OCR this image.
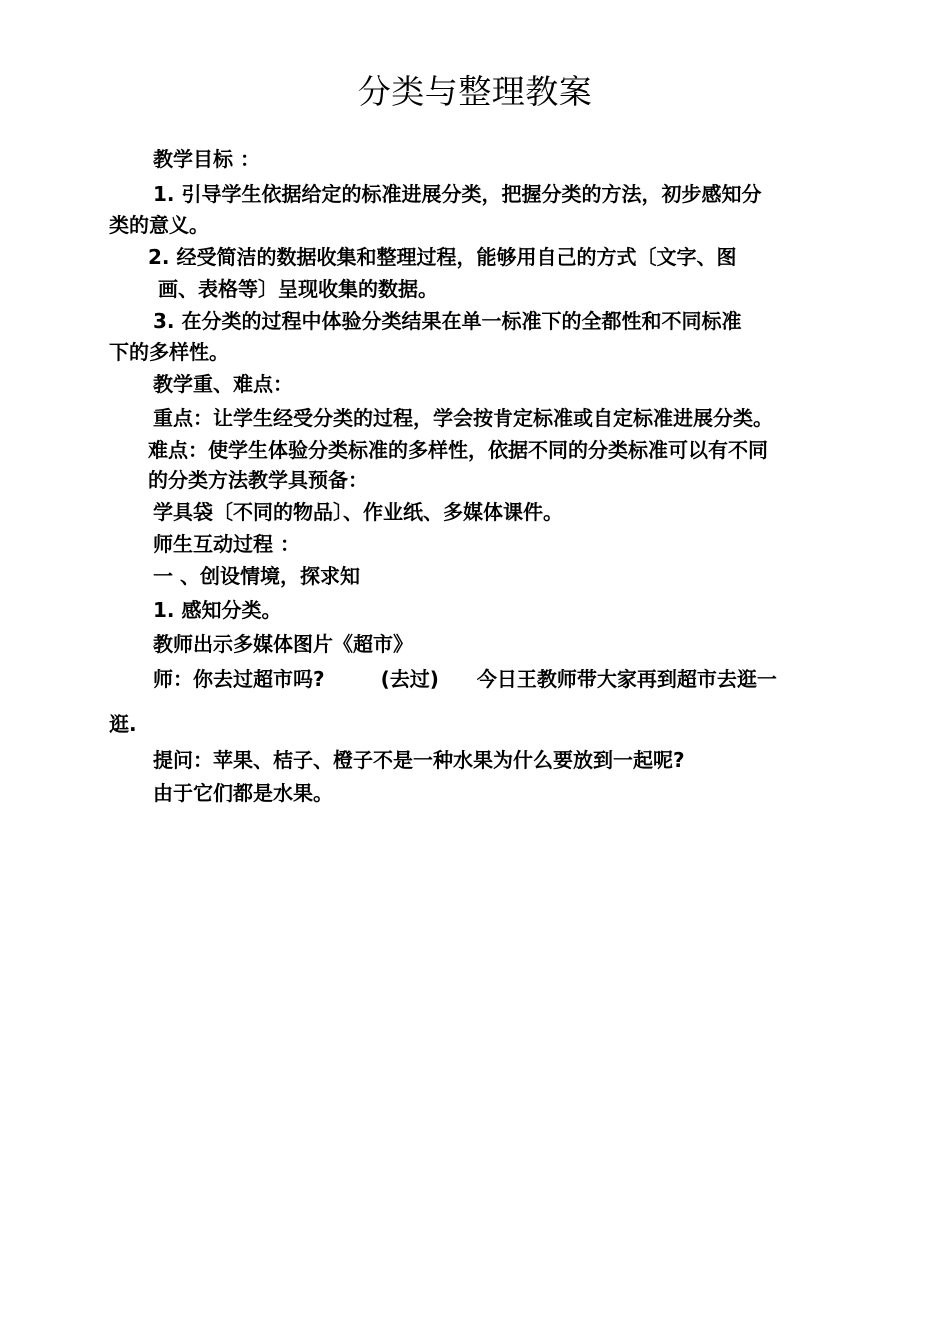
分类与整理教案
教学目标 ：
1. 引导学生依据给定的标准进展分类，把握分类的方法，初步感知分
类的意义。
2. 经受简洁的数据收集和整理过程，能够用自己的方式〔文字、图
画、表格等〕呈现收集的数据。
3. 在分类的过程中体验分类结果在单一标准下的全都性和不同标准
下的多样性。
教学重、难点：
重点：让学生经受分类的过程，学会按肯定标准或自定标准进展分类。
难点：使学生体验分类标准的多样性，依据不同的分类标准可以有不同
的分类方法教学具预备：
学具袋〔不同的物品〕、作业纸、多媒体课件。
师生互动过程 ：
一 、创设情境，探求知
1. 感知分类。
教师出示多媒体图片《超市》
师：你去过超市吗?	(去过) 今日王教师带大家再到超市去逛一
逛.
提问：苹果、桔子、橙子不是一种水果为什么要放到一起呢?
由于它们都是水果。
